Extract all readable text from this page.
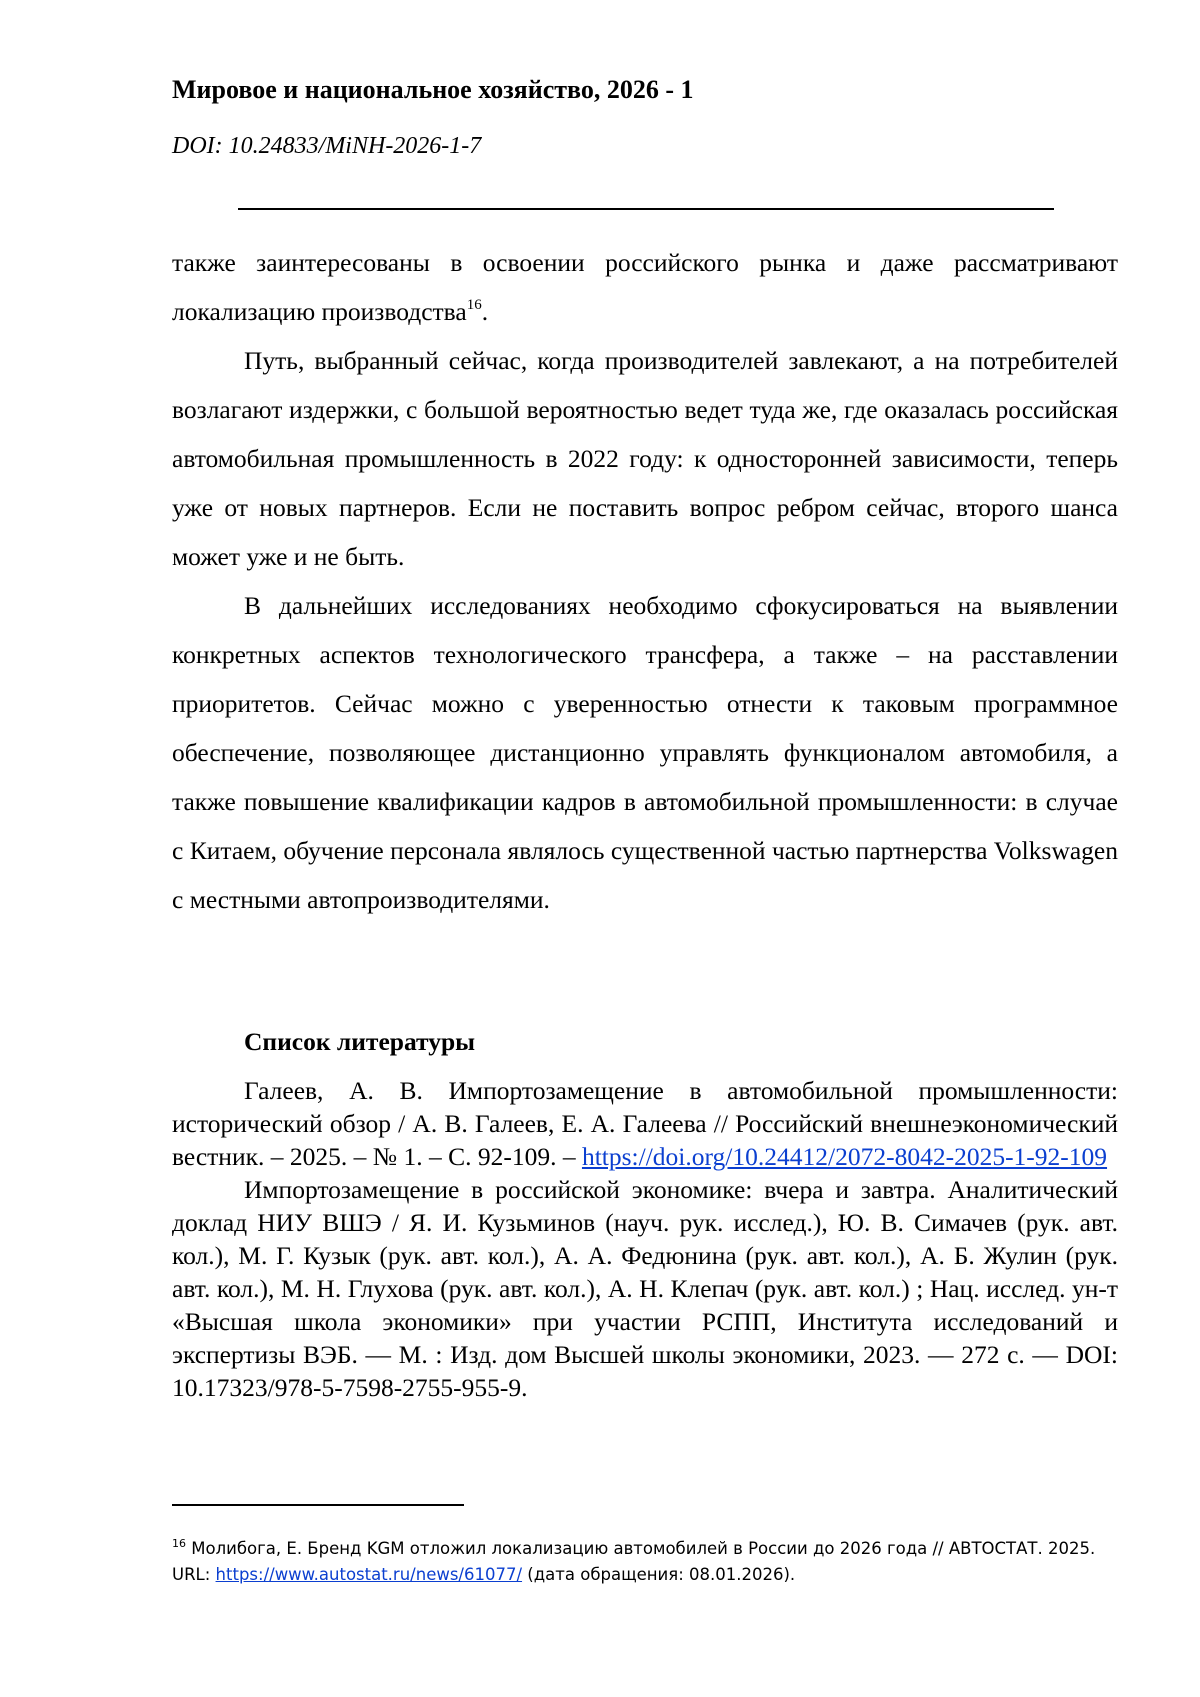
Мировое и национальное хозяйство, 2026 - 1
DOI: 10.24833/MiNH-2026-1-7

также заинтересованы в освоении российского рынка и даже рассматривают локализацию производства$^{16}$.

Путь, выбранный сейчас, когда производителей завлекают, а на потребителей возлагают издержки, с большой вероятностью ведет туда же, где оказалась российская автомобильная промышленность в 2022 году: к односторонней зависимости, теперь уже от новых партнеров. Если не поставить вопрос ребром сейчас, второго шанса может уже и не быть.

В дальнейших исследованиях необходимо сфокусироваться на выявлении конкретных аспектов технологического трансфера, а также – на расставлении приоритетов. Сейчас можно с уверенностью отнести к таковым программное обеспечение, позволяющее дистанционно управлять функционалом автомобиля, а также повышение квалификации кадров в автомобильной промышленности: в случае с Китаем, обучение персонала являлось существенной частью партнерства Volkswagen с местными автопроизводителями.

Список литературы

Галеев, А. В. Импортозамещение в автомобильной промышленности: исторический обзор / А. В. Галеев, Е. А. Галеева // Российский внешнеэкономический вестник. – 2025. – № 1. – С. 92-109. – https://doi.org/10.24412/2072-8042-2025-1-92-109

Импортозамещение в российской экономике: вчера и завтра. Аналитический доклад НИУ ВШЭ / Я. И. Кузьминов (науч. рук. исслед.), Ю. В. Симачев (рук. авт. кол.), М. Г. Кузык (рук. авт. кол.), А. А. Федюнина (рук. авт. кол.), А. Б. Жулин (рук. авт. кол.), М. Н. Глухова (рук. авт. кол.), А. Н. Клепач (рук. авт. кол.) ; Нац. исслед. ун-т «Высшая школа экономики» при участии РСПП, Института исследований и экспертизы ВЭБ. — М. : Изд. дом Высшей школы экономики, 2023. — 272 с. — DOI: 10.17323/978-5-7598-2755-955-9.

$^{16}$ Молибога, Е. Бренд KGM отложил локализацию автомобилей в России до 2026 года // АВТОСТАТ. 2025. URL: https://www.autostat.ru/news/61077/ (дата обращения: 08.01.2026).
